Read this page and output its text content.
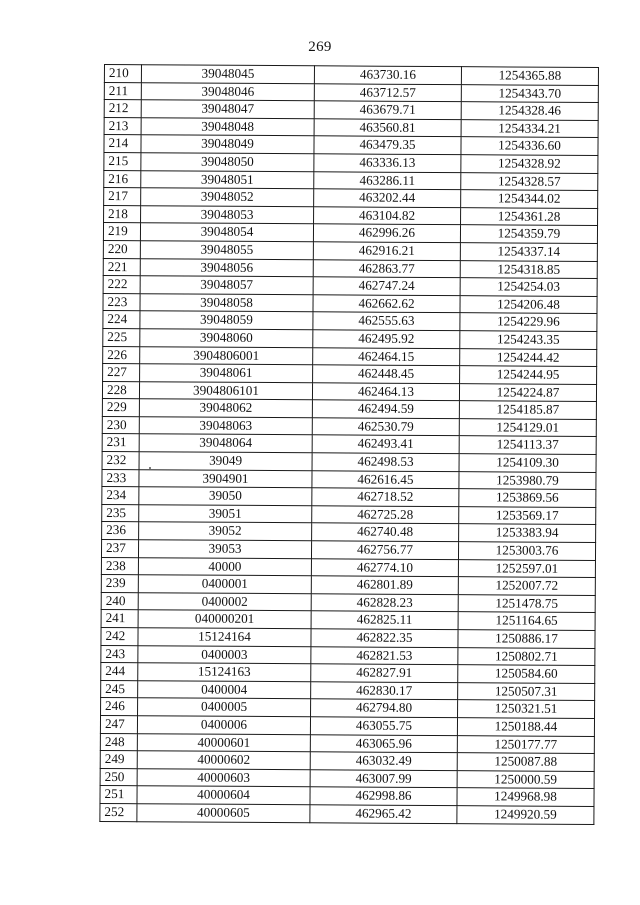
269
210	39048045	463730.16	1254365.88
211	39048046	463712.57	1254343.70
212	39048047	463679.71	1254328.46
213	39048048	463560.81	1254334.21
214	39048049	463479.35	1254336.60
215	39048050	463336.13	1254328.92
216	39048051	463286.11	1254328.57
217	39048052	463202.44	1254344.02
218	39048053	463104.82	1254361.28
219	39048054	462996.26	1254359.79
220	39048055	462916.21	1254337.14
221	39048056	462863.77	1254318.85
222	39048057	462747.24	1254254.03
223	39048058	462662.62	1254206.48
224	39048059	462555.63	1254229.96
225	39048060	462495.92	1254243.35
226	3904806001	462464.15	1254244.42
227	39048061	462448.45	1254244.95
228	3904806101	462464.13	1254224.87
229	39048062	462494.59	1254185.87
230	39048063	462530.79	1254129.01
231	39048064	462493.41	1254113.37
232	39049	462498.53	1254109.30
233	3904901	462616.45	1253980.79
234	39050	462718.52	1253869.56
235	39051	462725.28	1253569.17
236	39052	462740.48	1253383.94
237	39053	462756.77	1253003.76
238	40000	462774.10	1252597.01
239	0400001	462801.89	1252007.72
240	0400002	462828.23	1251478.75
241	040000201	462825.11	1251164.65
242	15124164	462822.35	1250886.17
243	0400003	462821.53	1250802.71
244	15124163	462827.91	1250584.60
245	0400004	462830.17	1250507.31
246	0400005	462794.80	1250321.51
247	0400006	463055.75	1250188.44
248	40000601	463065.96	1250177.77
249	40000602	463032.49	1250087.88
250	40000603	463007.99	1250000.59
251	40000604	462998.86	1249968.98
252	40000605	462965.42	1249920.59
